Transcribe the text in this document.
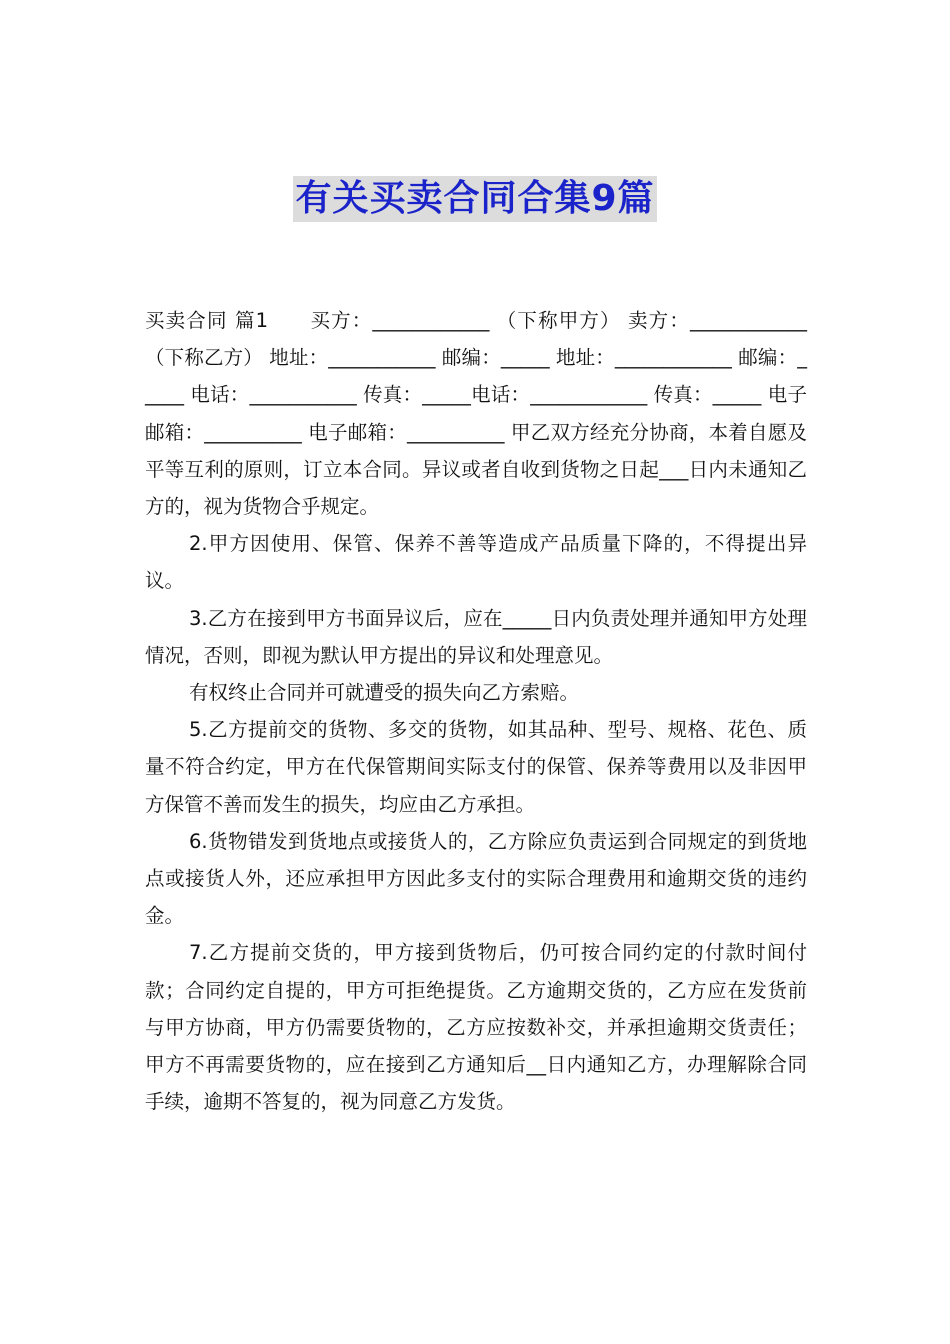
有关买卖合同合集9篇

买卖合同 篇1　　买方：____________ （下称甲方） 卖方：____________ （下称乙方） 地址：___________ 邮编：_____ 地址：____________ 邮编：_____ 电话：___________ 传真：_____电话：____________ 传真：_____ 电子邮箱：__________ 电子邮箱：__________ 甲乙双方经充分协商，本着自愿及平等互利的原则，订立本合同。异议或者自收到货物之日起___日内未通知乙方的，视为货物合乎规定。

2.甲方因使用、保管、保养不善等造成产品质量下降的，不得提出异议。

3.乙方在接到甲方书面异议后，应在_____日内负责处理并通知甲方处理情况，否则，即视为默认甲方提出的异议和处理意见。

有权终止合同并可就遭受的损失向乙方索赔。

5.乙方提前交的货物、多交的货物，如其品种、型号、规格、花色、质量不符合约定，甲方在代保管期间实际支付的保管、保养等费用以及非因甲方保管不善而发生的损失，均应由乙方承担。

6.货物错发到货地点或接货人的，乙方除应负责运到合同规定的到货地点或接货人外，还应承担甲方因此多支付的实际合理费用和逾期交货的违约金。

7.乙方提前交货的，甲方接到货物后，仍可按合同约定的付款时间付款；合同约定自提的，甲方可拒绝提货。乙方逾期交货的，乙方应在发货前与甲方协商，甲方仍需要货物的，乙方应按数补交，并承担逾期交货责任；甲方不再需要货物的，应在接到乙方通知后__日内通知乙方，办理解除合同手续，逾期不答复的，视为同意乙方发货。
